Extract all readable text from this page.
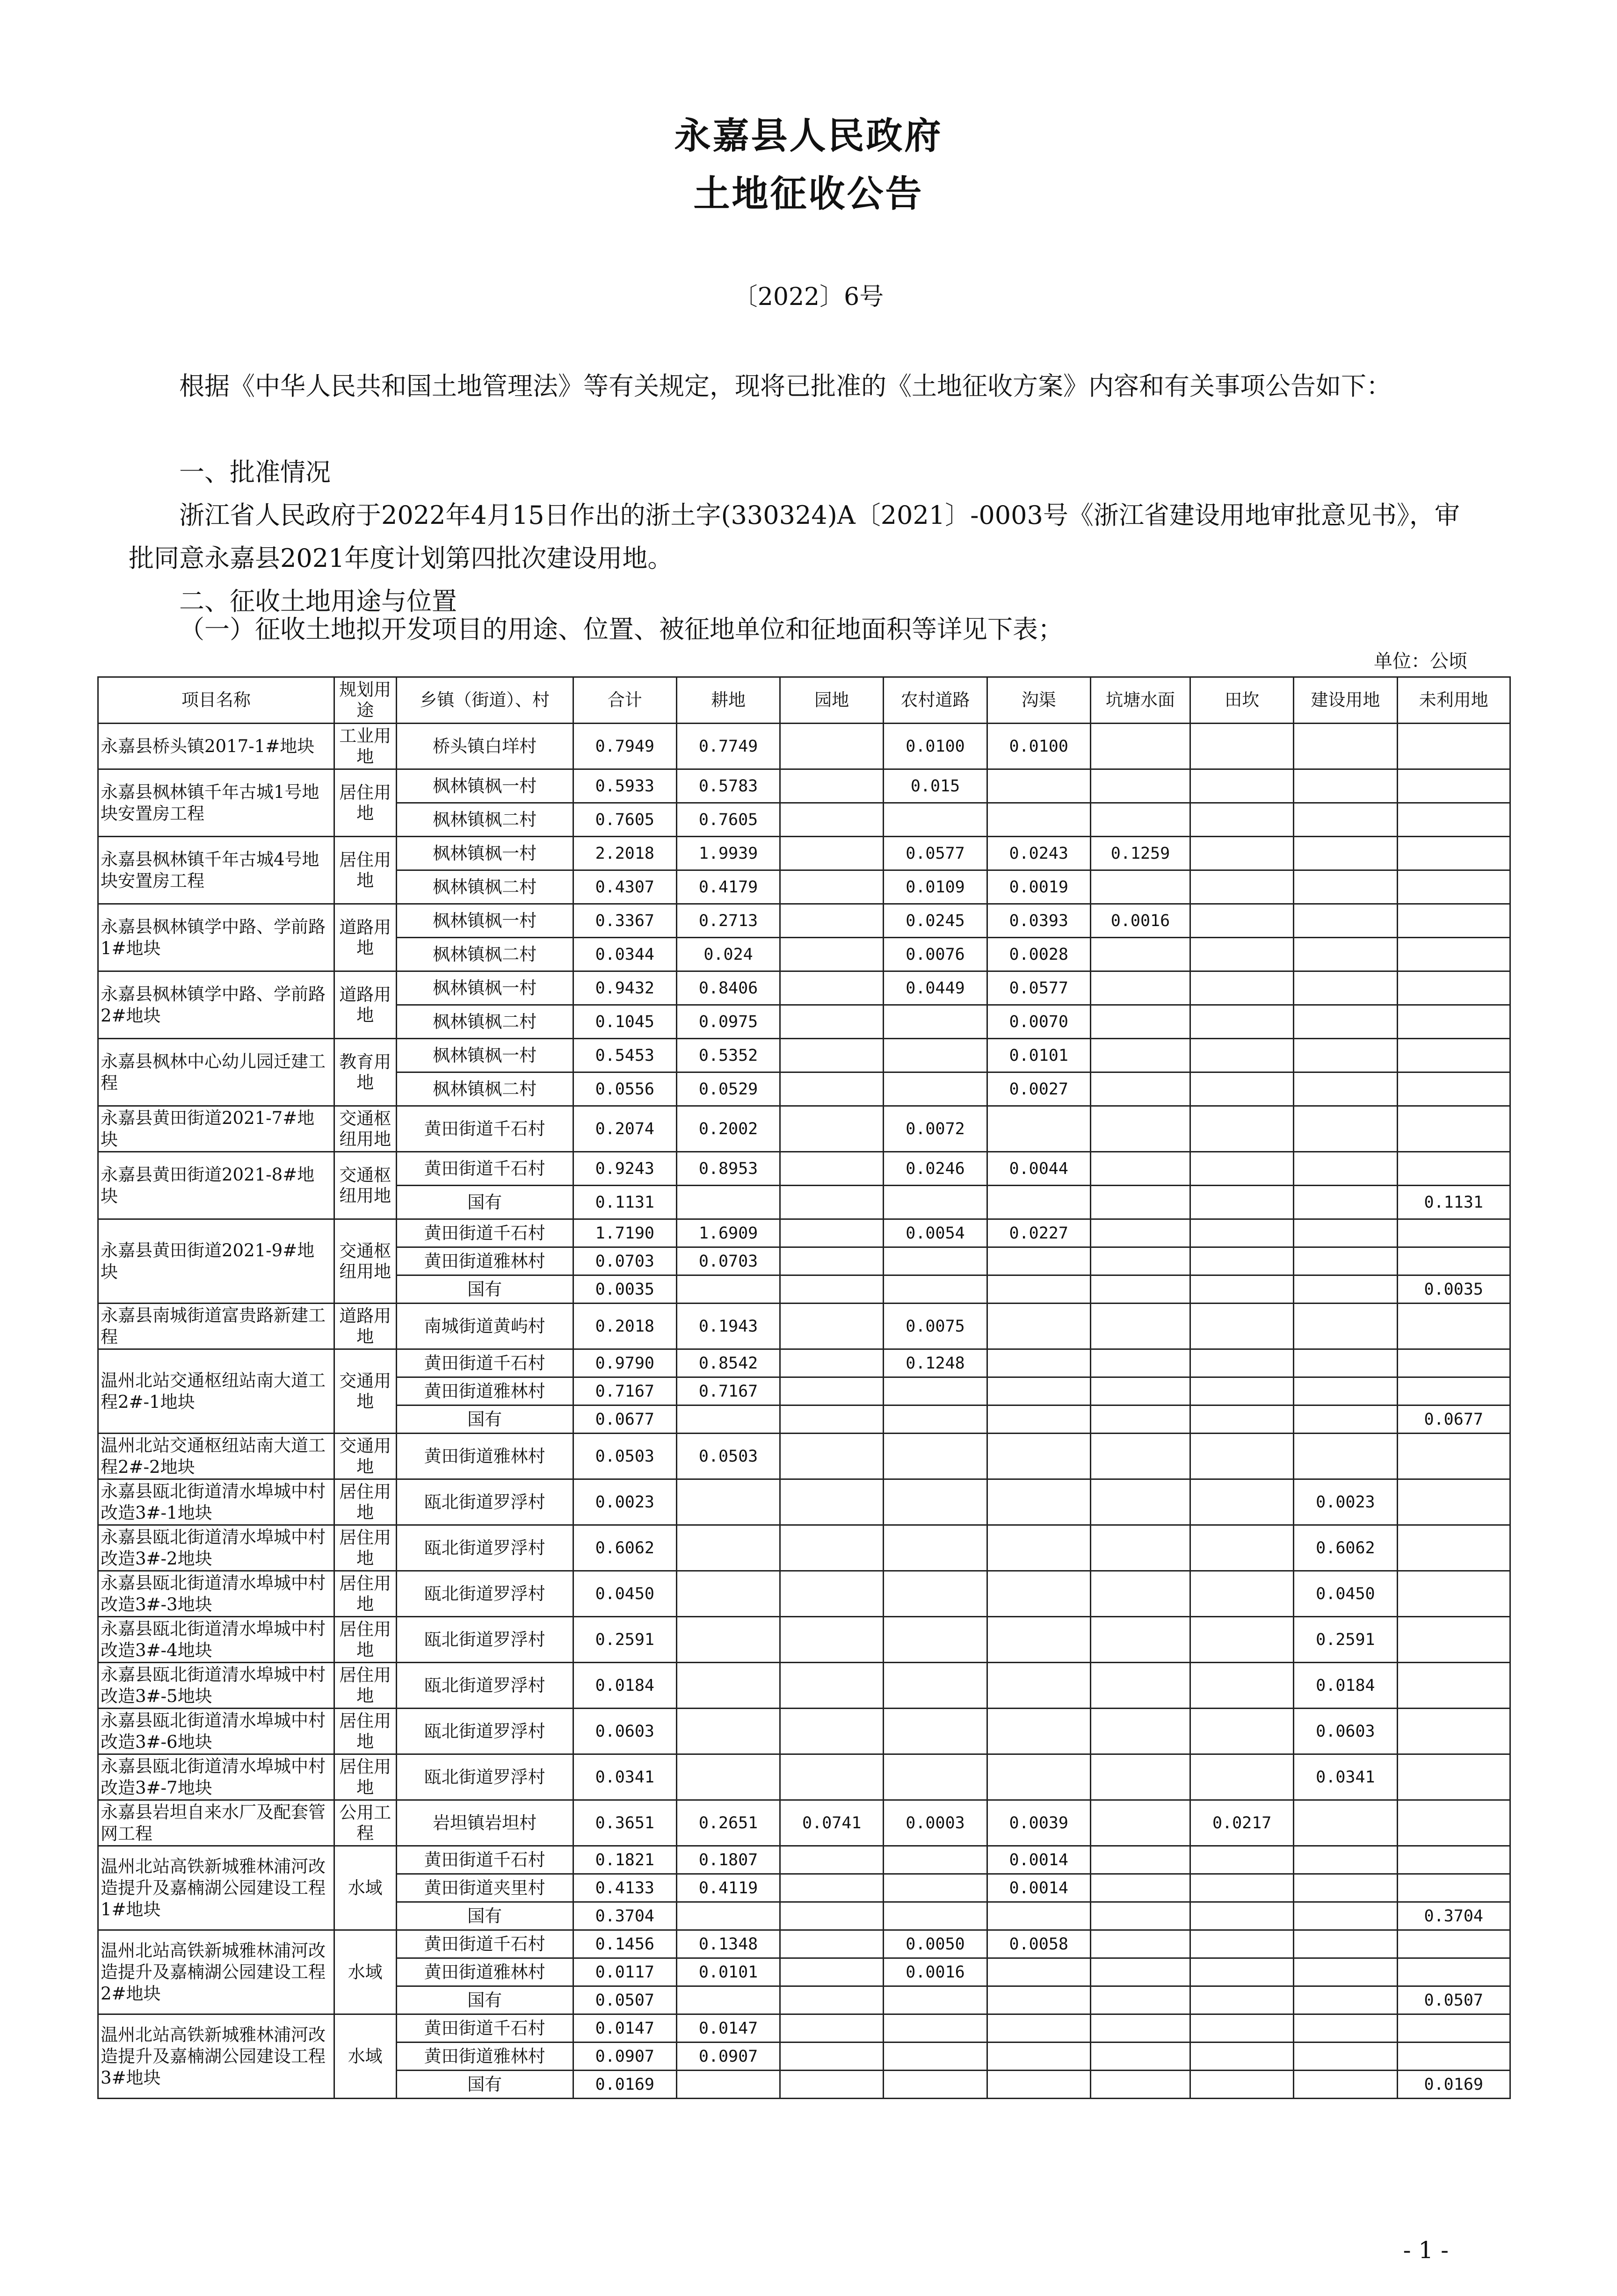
永嘉县人民政府
土地征收公告
〔2022〕6号
根据《中华人民共和国土地管理法》等有关规定，现将已批准的《土地征收方案》内容和有关事项公告如下：
一、批准情况
浙江省人民政府于2022年4月15日作出的浙土字(330324)A〔2021〕-0003号《浙江省建设用地审批意见书》，审批同意永嘉县2021年度计划第四批次建设用地。
二、征收土地用途与位置
（一）征收土地拟开发项目的用途、位置、被征地单位和征地面积等详见下表；
单位：公顷
项目名称	规划用途	乡镇（街道）、村	合计	耕地	园地	农村道路	沟渠	坑塘水面	田坎	建设用地	未利用地
永嘉县桥头镇2017-1#地块	工业用地	桥头镇白垟村	0.7949	0.7749		0.0100	0.0100				
永嘉县枫林镇千年古城1号地块安置房工程	居住用地	枫林镇枫一村	0.5933	0.5783		0.015					
		枫林镇枫二村	0.7605	0.7605							
永嘉县枫林镇千年古城4号地块安置房工程	居住用地	枫林镇枫一村	2.2018	1.9939		0.0577	0.0243	0.1259			
		枫林镇枫二村	0.4307	0.4179		0.0109	0.0019				
永嘉县枫林镇学中路、学前路1#地块	道路用地	枫林镇枫一村	0.3367	0.2713		0.0245	0.0393	0.0016			
		枫林镇枫二村	0.0344	0.024		0.0076	0.0028				
永嘉县枫林镇学中路、学前路2#地块	道路用地	枫林镇枫一村	0.9432	0.8406		0.0449	0.0577				
		枫林镇枫二村	0.1045	0.0975			0.0070				
永嘉县枫林中心幼儿园迁建工程	教育用地	枫林镇枫一村	0.5453	0.5352			0.0101				
		枫林镇枫二村	0.0556	0.0529			0.0027				
永嘉县黄田街道2021-7#地块	交通枢纽用地	黄田街道千石村	0.2074	0.2002		0.0072					
永嘉县黄田街道2021-8#地块	交通枢纽用地	黄田街道千石村	0.9243	0.8953		0.0246	0.0044				
		国有	0.1131								0.1131
永嘉县黄田街道2021-9#地块	交通枢纽用地	黄田街道千石村	1.7190	1.6909		0.0054	0.0227				
		黄田街道雅林村	0.0703	0.0703							
		国有	0.0035								0.0035
永嘉县南城街道富贵路新建工程	道路用地	南城街道黄屿村	0.2018	0.1943		0.0075					
温州北站交通枢纽站南大道工程2#-1地块	交通用地	黄田街道千石村	0.9790	0.8542		0.1248					
		黄田街道雅林村	0.7167	0.7167							
		国有	0.0677								0.0677
温州北站交通枢纽站南大道工程2#-2地块	交通用地	黄田街道雅林村	0.0503	0.0503							
永嘉县瓯北街道清水埠城中村改造3#-1地块	居住用地	瓯北街道罗浮村	0.0023							0.0023	
永嘉县瓯北街道清水埠城中村改造3#-2地块	居住用地	瓯北街道罗浮村	0.6062							0.6062	
永嘉县瓯北街道清水埠城中村改造3#-3地块	居住用地	瓯北街道罗浮村	0.0450							0.0450	
永嘉县瓯北街道清水埠城中村改造3#-4地块	居住用地	瓯北街道罗浮村	0.2591							0.2591	
永嘉县瓯北街道清水埠城中村改造3#-5地块	居住用地	瓯北街道罗浮村	0.0184							0.0184	
永嘉县瓯北街道清水埠城中村改造3#-6地块	居住用地	瓯北街道罗浮村	0.0603							0.0603	
永嘉县瓯北街道清水埠城中村改造3#-7地块	居住用地	瓯北街道罗浮村	0.0341							0.0341	
永嘉县岩坦自来水厂及配套管网工程	公用工程	岩坦镇岩坦村	0.3651	0.2651	0.0741	0.0003	0.0039		0.0217		
温州北站高铁新城雅林浦河改造提升及嘉楠湖公园建设工程1#地块	水域	黄田街道千石村	0.1821	0.1807			0.0014				
		黄田街道夹里村	0.4133	0.4119			0.0014				
		国有	0.3704								0.3704
温州北站高铁新城雅林浦河改造提升及嘉楠湖公园建设工程2#地块	水域	黄田街道千石村	0.1456	0.1348		0.0050	0.0058				
		黄田街道雅林村	0.0117	0.0101		0.0016					
		国有	0.0507								0.0507
温州北站高铁新城雅林浦河改造提升及嘉楠湖公园建设工程3#地块	水域	黄田街道千石村	0.0147	0.0147							
		黄田街道雅林村	0.0907	0.0907							
		国有	0.0169								0.0169
- 1 -
